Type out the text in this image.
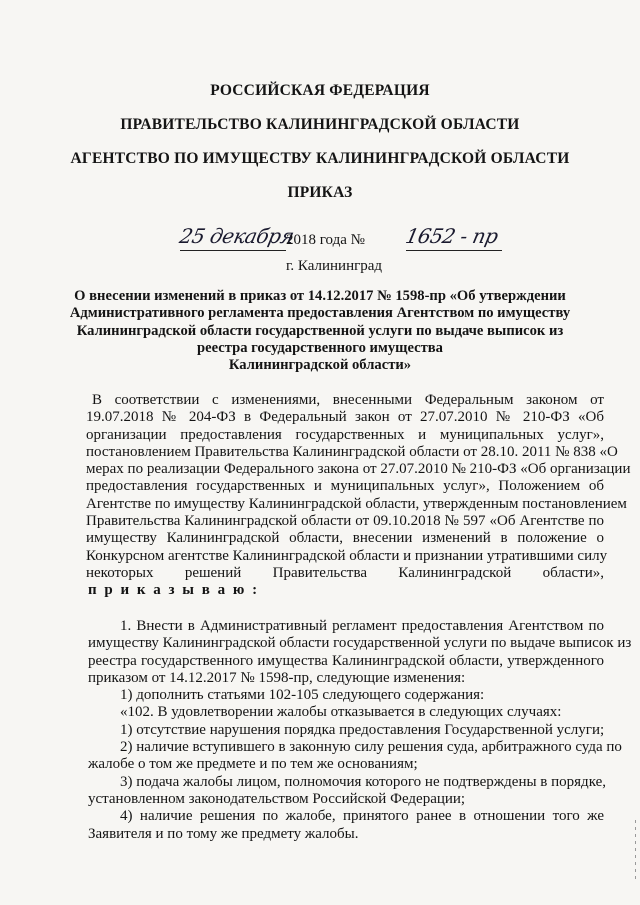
РОССИЙСКАЯ ФЕДЕРАЦИЯ
ПРАВИТЕЛЬСТВО КАЛИНИНГРАДСКОЙ ОБЛАСТИ
АГЕНТСТВО ПО ИМУЩЕСТВУ КАЛИНИНГРАДСКОЙ ОБЛАСТИ
ПРИКАЗ
25 декабря
2018 года № 1652 - пр
г. Калининград
О внесении изменений в приказ от 14.12.2017 № 1598-пр «Об утверждении
Административного регламента предоставления Агентством по имуществу
Калининградской области государственной услуги по выдаче выписок из
реестра государственного имущества
Калининградской области»
В соответствии с изменениями, внесенными Федеральным законом от
19.07.2018 № 204-ФЗ в Федеральный закон от 27.07.2010 № 210-ФЗ «Об
организации предоставления государственных и муниципальных услуг»,
постановлением Правительства Калининградской области от 28.10. 2011 № 838 «О
мерах по реализации Федерального закона от 27.07.2010 № 210-ФЗ «Об организации
предоставления государственных и муниципальных услуг», Положением об
Агентстве по имуществу Калининградской области, утвержденным постановлением
Правительства Калининградской области от 09.10.2018 № 597 «Об Агентстве по
имуществу Калининградской области, внесении изменений в положение о
Конкурсном агентстве Калининградской области и признании утратившими силу
некоторых решений Правительства Калининградской области»,
п р и к а з ы в а ю :
1. Внести в Административный регламент предоставления Агентством по
имуществу Калининградской области государственной услуги по выдаче выписок из
реестра государственного имущества Калининградской области, утвержденного
приказом от 14.12.2017 № 1598-пр, следующие изменения:
1) дополнить статьями 102-105 следующего содержания:
«102. В удовлетворении жалобы отказывается в следующих случаях:
1) отсутствие нарушения порядка предоставления Государственной услуги;
2) наличие вступившего в законную силу решения суда, арбитражного суда по
жалобе о том же предмете и по тем же основаниям;
3) подача жалобы лицом, полномочия которого не подтверждены в порядке,
установленном законодательством Российской Федерации;
4) наличие решения по жалобе, принятого ранее в отношении того же
Заявителя и по тому же предмету жалобы.
